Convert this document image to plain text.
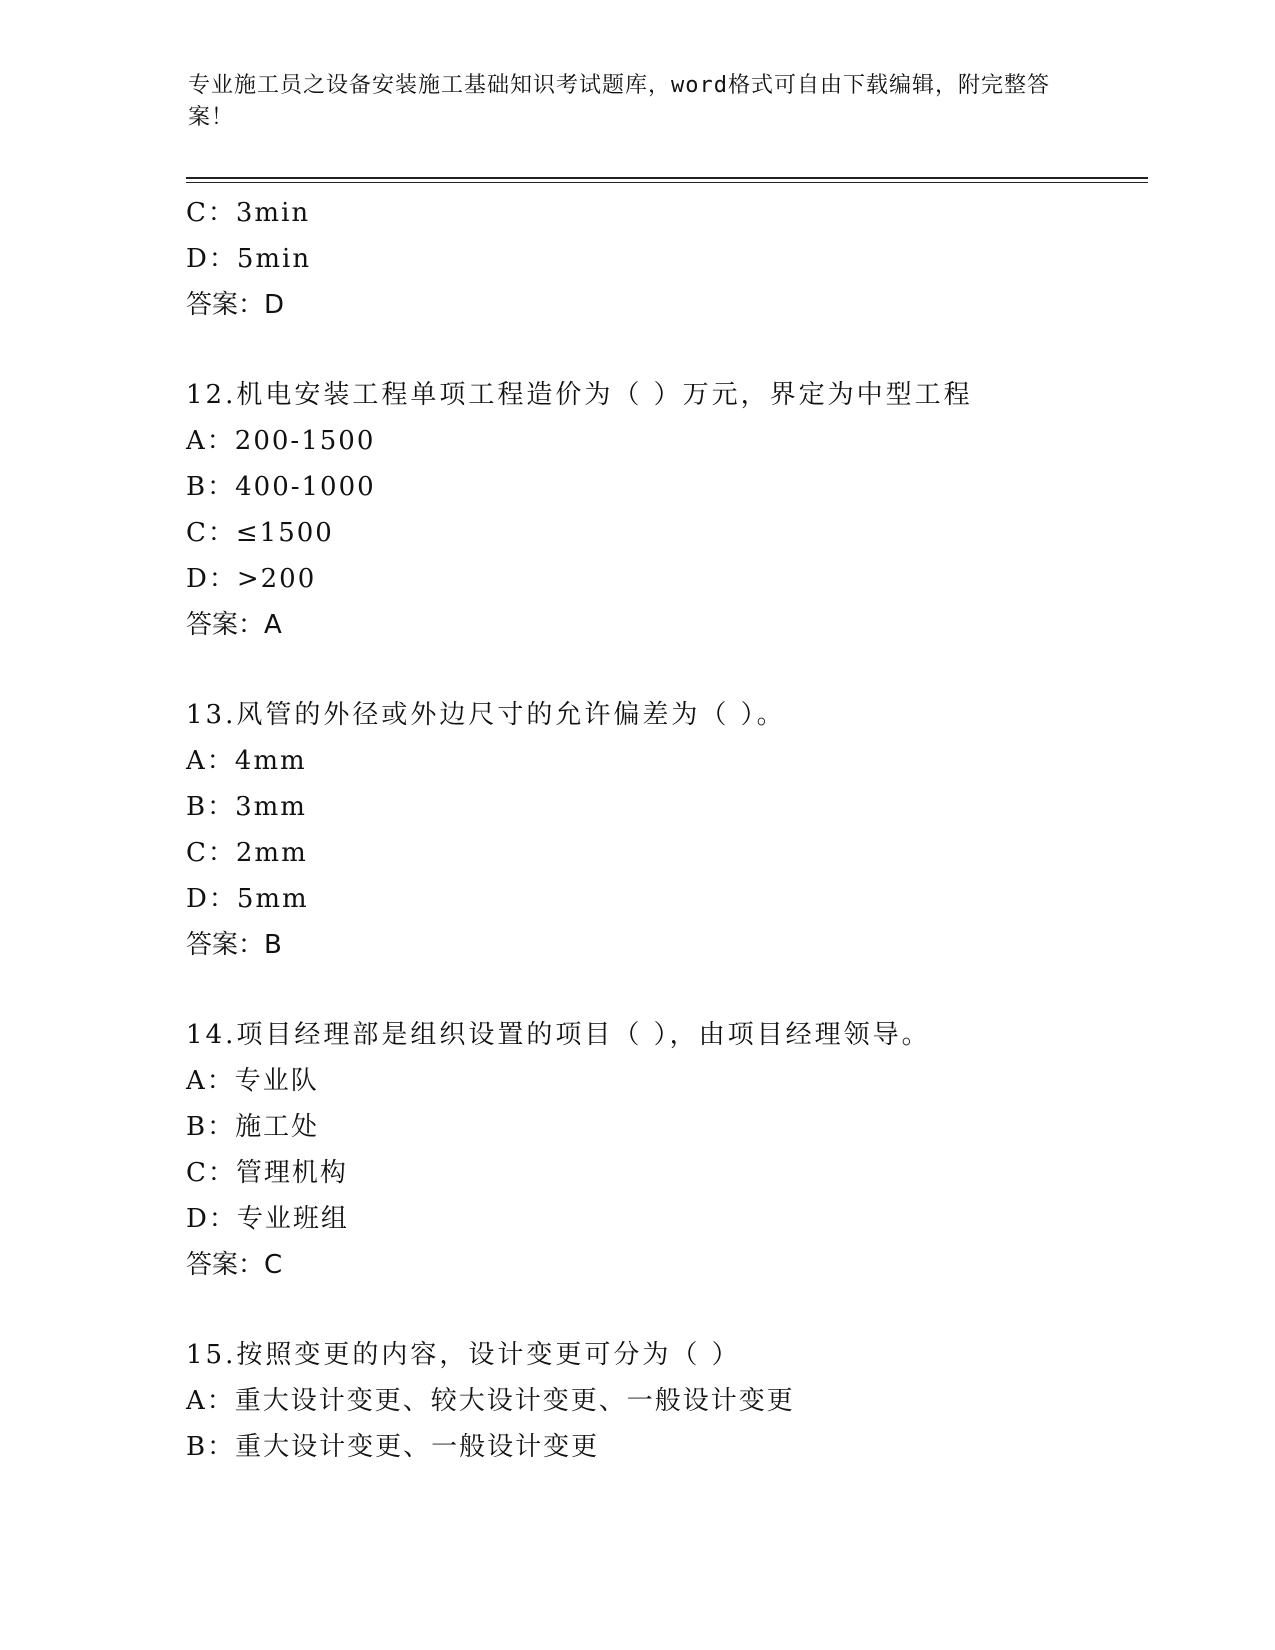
专业施工员之设备安装施工基础知识考试题库，word格式可自由下载编辑，附完整答案！
C：3min
D：5min
答案：D
12.机电安装工程单项工程造价为（ ）万元，界定为中型工程
A：200-1500
B：400-1000
C：≤1500
D：>200
答案：A
13.风管的外径或外边尺寸的允许偏差为（ ）。
A：4mm
B：3mm
C：2mm
D：5mm
答案：B
14.项目经理部是组织设置的项目（ ），由项目经理领导。
A：专业队
B：施工处
C：管理机构
D：专业班组
答案：C
15.按照变更的内容，设计变更可分为（ ）
A：重大设计变更、较大设计变更、一般设计变更
B：重大设计变更、一般设计变更
